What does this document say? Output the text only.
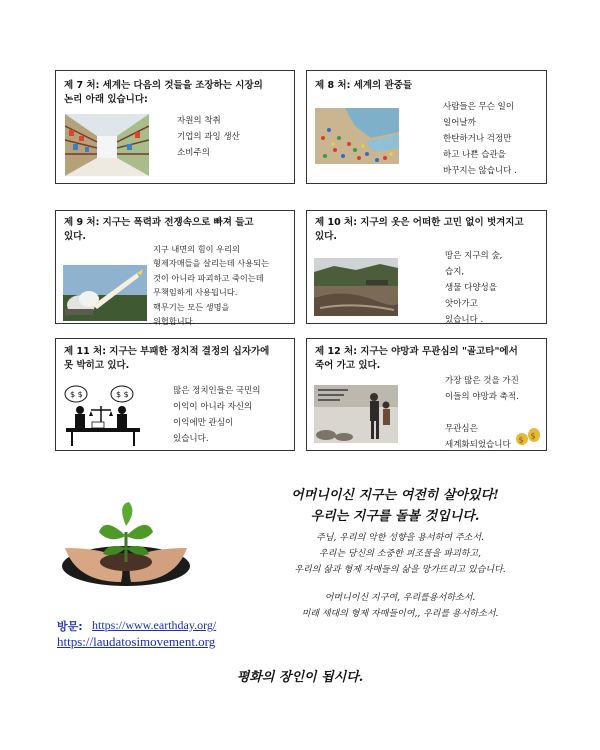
제 7 처: 세계는 다음의 것들을 조장하는 시장의
논리 아래 있습니다:
자원의 착취
기업의 과잉 생산
소비주의
제 8 처: 세계의 관중들
사람들은 무슨 일이
일어날까
한탄하거나 걱정만
하고 나쁜 습관을
바꾸지는 않습니다 .
제 9 처: 지구는 폭력과 전쟁속으로 빠져 들고
있다.
지구 내면의 힘이 우리의
형제자매들을 살리는데 사용되는
것이 아니라 파괴하고 죽이는데
무책임하게 사용됩니다.
핵무기는 모든 생명을
위협합니다.
제 10 처: 지구의 옷은 어떠한 고민 없이 벗겨지고
있다.
땅은 지구의 숲,
습지,
생물 다양성을
앗아가고
있습니다 .
제 11 처: 지구는 부패한 정치적 결정의 십자가에
못 박히고 있다.
$ $	$ $	많은 정치인들은 국민의
이익이 아니라 자신의
이익에만 관심이
있습니다.
제 12 처: 지구는 야망과 무관심의 "골고타"에서
죽어 가고 있다.
가장 많은 것을 가진
이들의 야망과 축적.

무관심은
세계화되었습니다 $ $
어머니이신 지구는 여전히 살아있다!
우리는 지구를 돌볼 것입니다.
주님, 우리의 악한 성향을 용서하여 주소서.
우리는 당신의 소중한 피조물을 파괴하고,
우리의 삶과 형제 자매들의 삶을 망가뜨리고 있습니다.
어머니이신 지구여, 우리를용서하소서.
미래 세대의 형제 자매들이여,, 우리를 용서하소서.
방문: https://www.earthday.org/
https://laudatosimovement.org
평화의 장인이 됩시다.
